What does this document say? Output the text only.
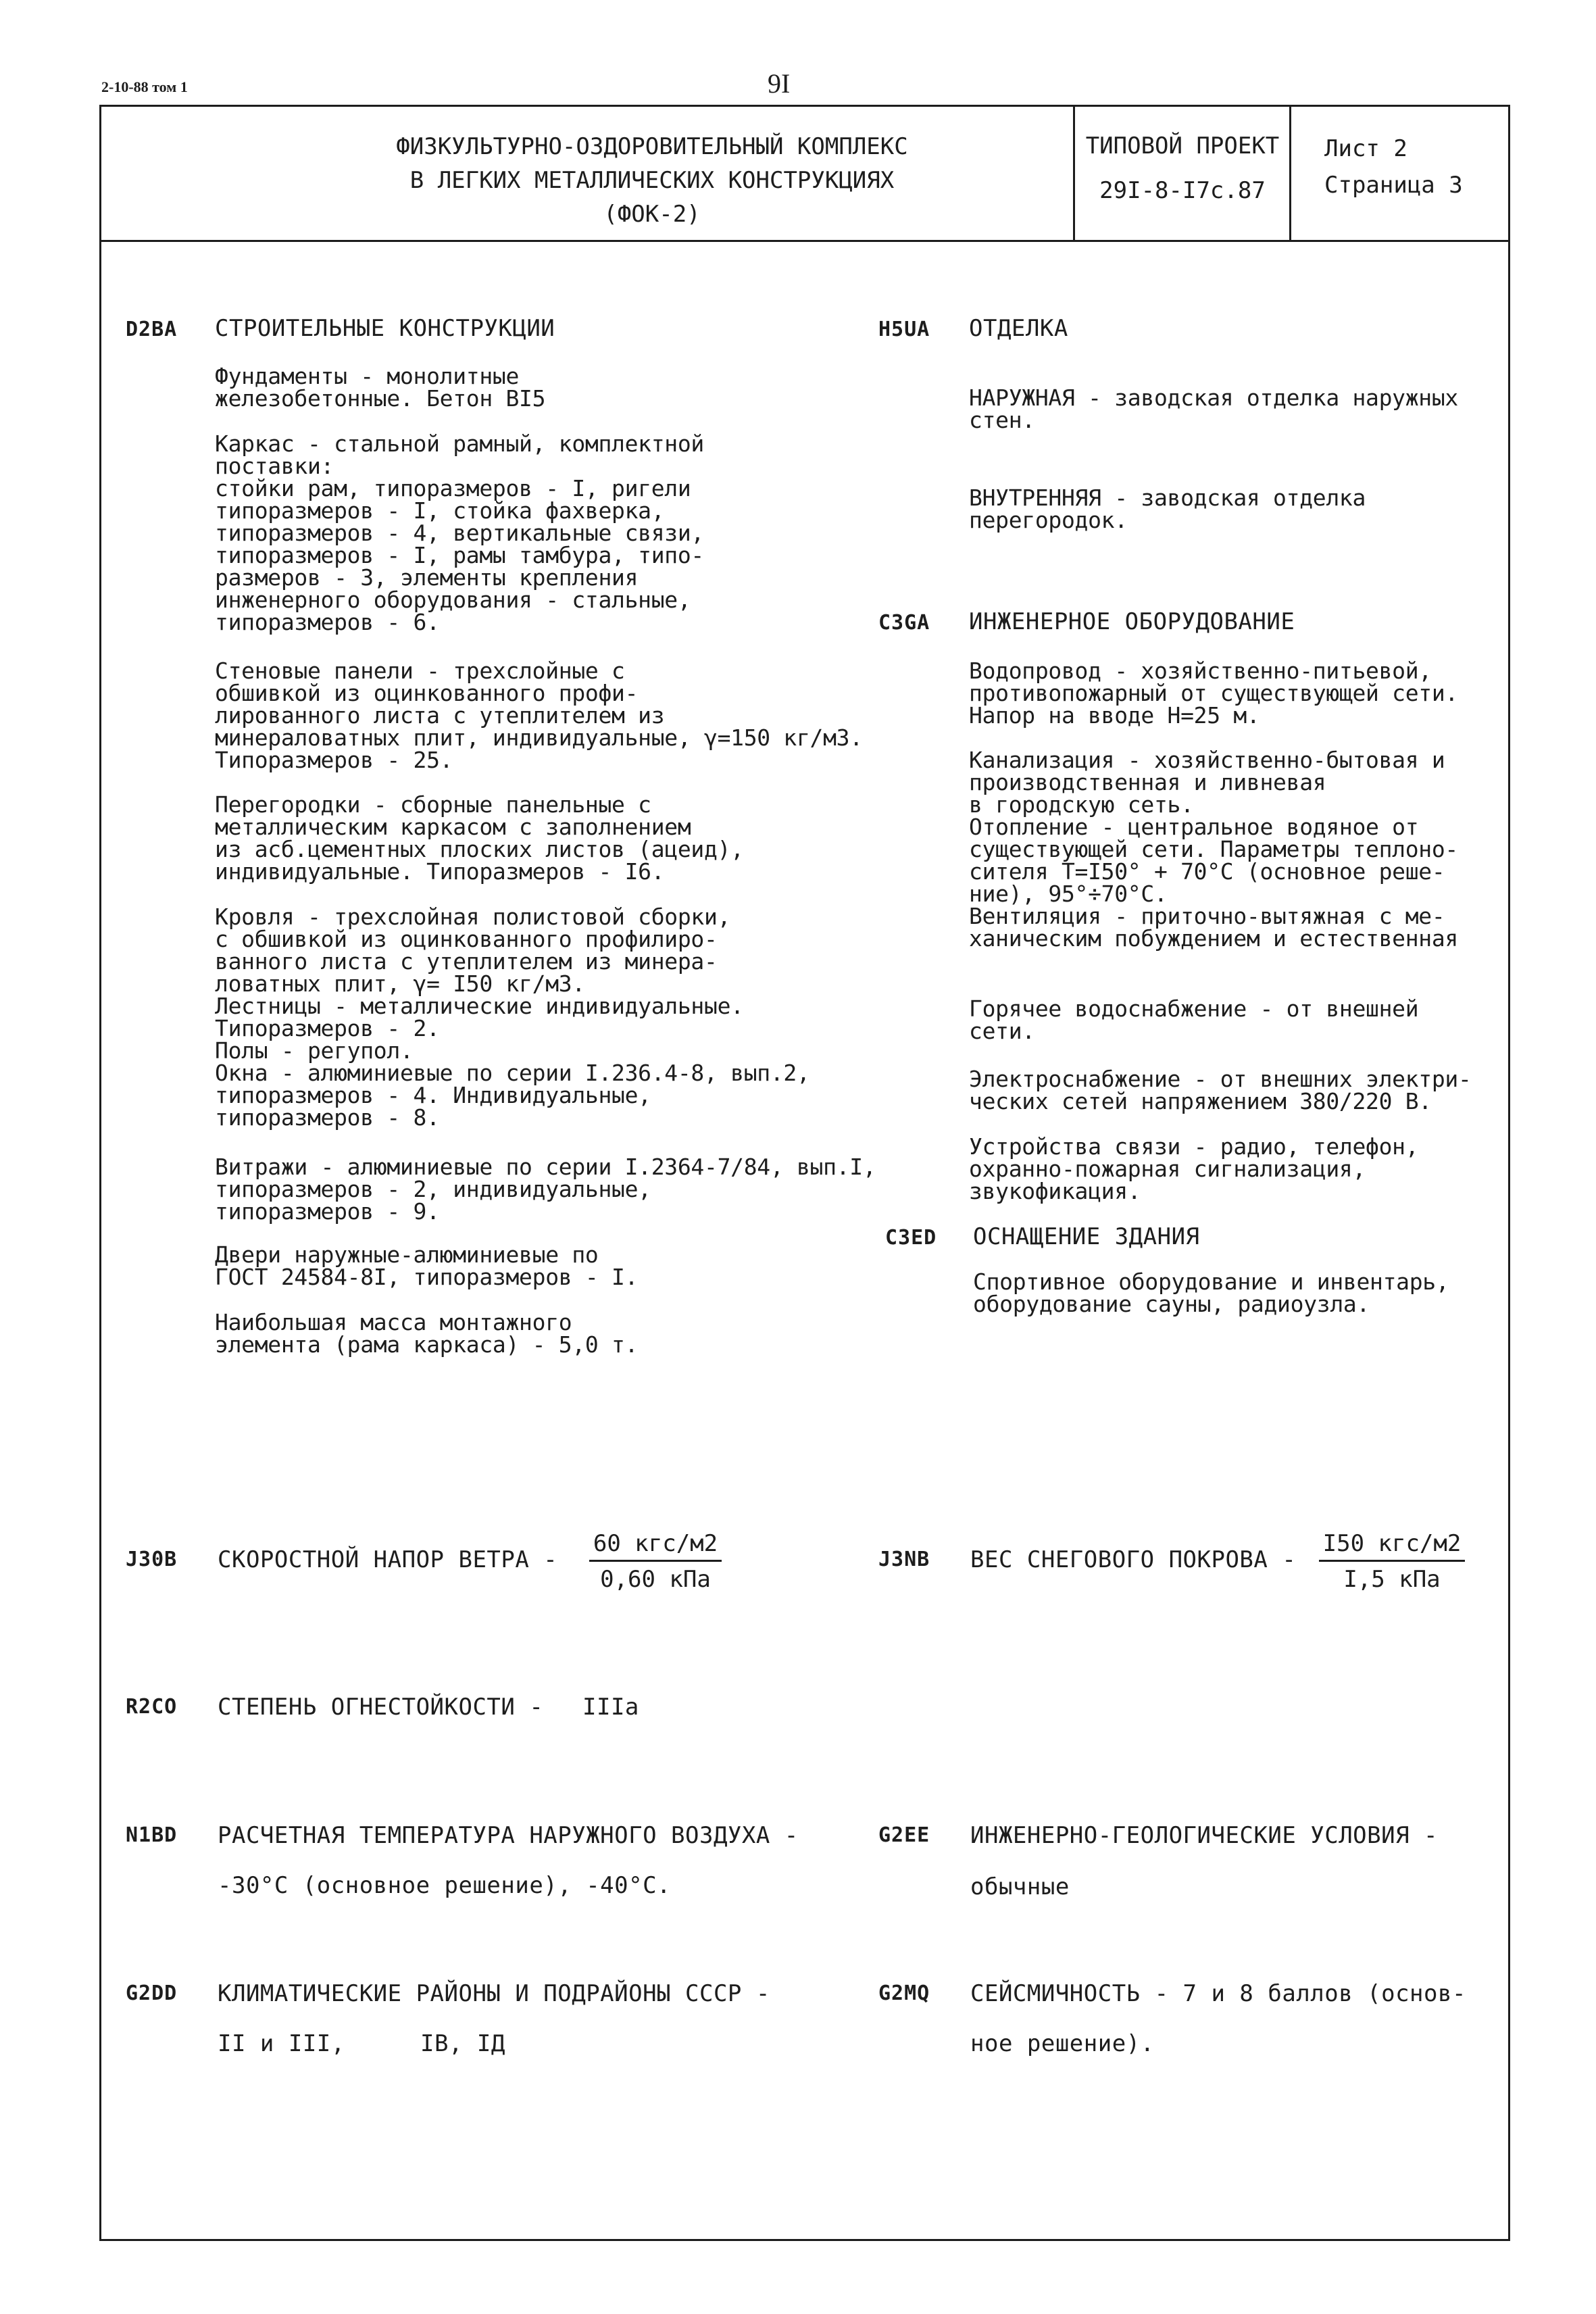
2-10-88 том 1	9I
ФИЗКУЛЬТУРНО-ОЗДОРОВИТЕЛЬНЫЙ КОМПЛЕКС
В ЛЕГКИХ МЕТАЛЛИЧЕСКИХ КОНСТРУКЦИЯХ
(ФОК-2)
ТИПОВОЙ ПРОЕКТ
29I-8-I7с.87
Лист 2
Страница 3
D2BA СТРОИТЕЛЬНЫЕ КОНСТРУКЦИИ
Фундаменты - монолитные
железобетонные. Бетон BI5
Каркас - стальной рамный, комплектной
поставки:
стойки рам, типоразмеров - I, ригели
типоразмеров - I, стойка фахверка,
типоразмеров - 4, вертикальные связи,
типоразмеров - I, рамы тамбура, типо-
размеров - 3, элементы крепления
инженерного оборудования - стальные,
типоразмеров - 6.
Стеновые панели - трехслойные с
обшивкой из оцинкованного профи-
лированного листа с утеплителем из
минераловатных плит, индивидуальные, γ=150 кг/м3.
Типоразмеров - 25.
Перегородки - сборные панельные с
металлическим каркасом с заполнением
из асб.цементных плоских листов (ацеид),
индивидуальные. Типоразмеров - I6.
Кровля - трехслойная полистовой сборки,
с обшивкой из оцинкованного профилиро-
ванного листа с утеплителем из минера-
ловатных плит, γ= I50 кг/м3.
Лестницы - металлические индивидуальные.
Типоразмеров - 2.
Полы - регупол.
Окна - алюминиевые по серии I.236.4-8, вып.2,
типоразмеров - 4. Индивидуальные,
типоразмеров - 8.
Витражи - алюминиевые по серии I.2364-7/84, вып.I,
типоразмеров - 2, индивидуальные,
типоразмеров - 9.
Двери наружные-алюминиевые по
ГОСТ 24584-8I, типоразмеров - I.
Наибольшая масса монтажного
элемента (рама каркаса) - 5,0 т.
H5UA ОТДЕЛКА
НАРУЖНАЯ - заводская отделка наружных
стен.
ВНУТРЕННЯЯ - заводская отделка
перегородок.
C3GA ИНЖЕНЕРНОЕ ОБОРУДОВАНИЕ
Водопровод - хозяйственно-питьевой,
противопожарный от существующей сети.
Напор на вводе Н=25 м.
Канализация - хозяйственно-бытовая и
производственная и ливневая
в городскую сеть.
Отопление - центральное водяное от
существующей сети. Параметры теплоно-
сителя Т=I50° + 70°С (основное реше-
ние), 95°÷70°С.
Вентиляция - приточно-вытяжная с ме-
ханическим побуждением и естественная
Горячее водоснабжение - от внешней
сети.
Электроснабжение - от внешних электри-
ческих сетей напряжением 380/220 В.
Устройства связи - радио, телефон,
охранно-пожарная сигнализация,
звукофикация.
C3ED ОСНАЩЕНИЕ ЗДАНИЯ
Спортивное оборудование и инвентарь,
оборудование сауны, радиоузла.
J30B СКОРОСТНОЙ НАПОР ВЕТРА -
60 кгс/м2
0,60 кПа
J3NB ВЕС СНЕГОВОГО ПОКРОВА -
I50 кгс/м2
I,5 кПа
R2CO СТЕПЕНЬ ОГНЕСТОЙКОСТИ - IIIа
N1BD РАСЧЕТНАЯ ТЕМПЕРАТУРА НАРУЖНОГО ВОЗДУХА -
-30°С (основное решение), -40°С.
G2EE ИНЖЕНЕРНО-ГЕОЛОГИЧЕСКИЕ УСЛОВИЯ -
обычные
G2DD КЛИМАТИЧЕСКИЕ РАЙОНЫ И ПОДРАЙОНЫ СССР -
II и III,	IВ, IД
G2MQ СЕЙСМИЧНОСТЬ - 7 и 8 баллов (основ-
ное решение).
